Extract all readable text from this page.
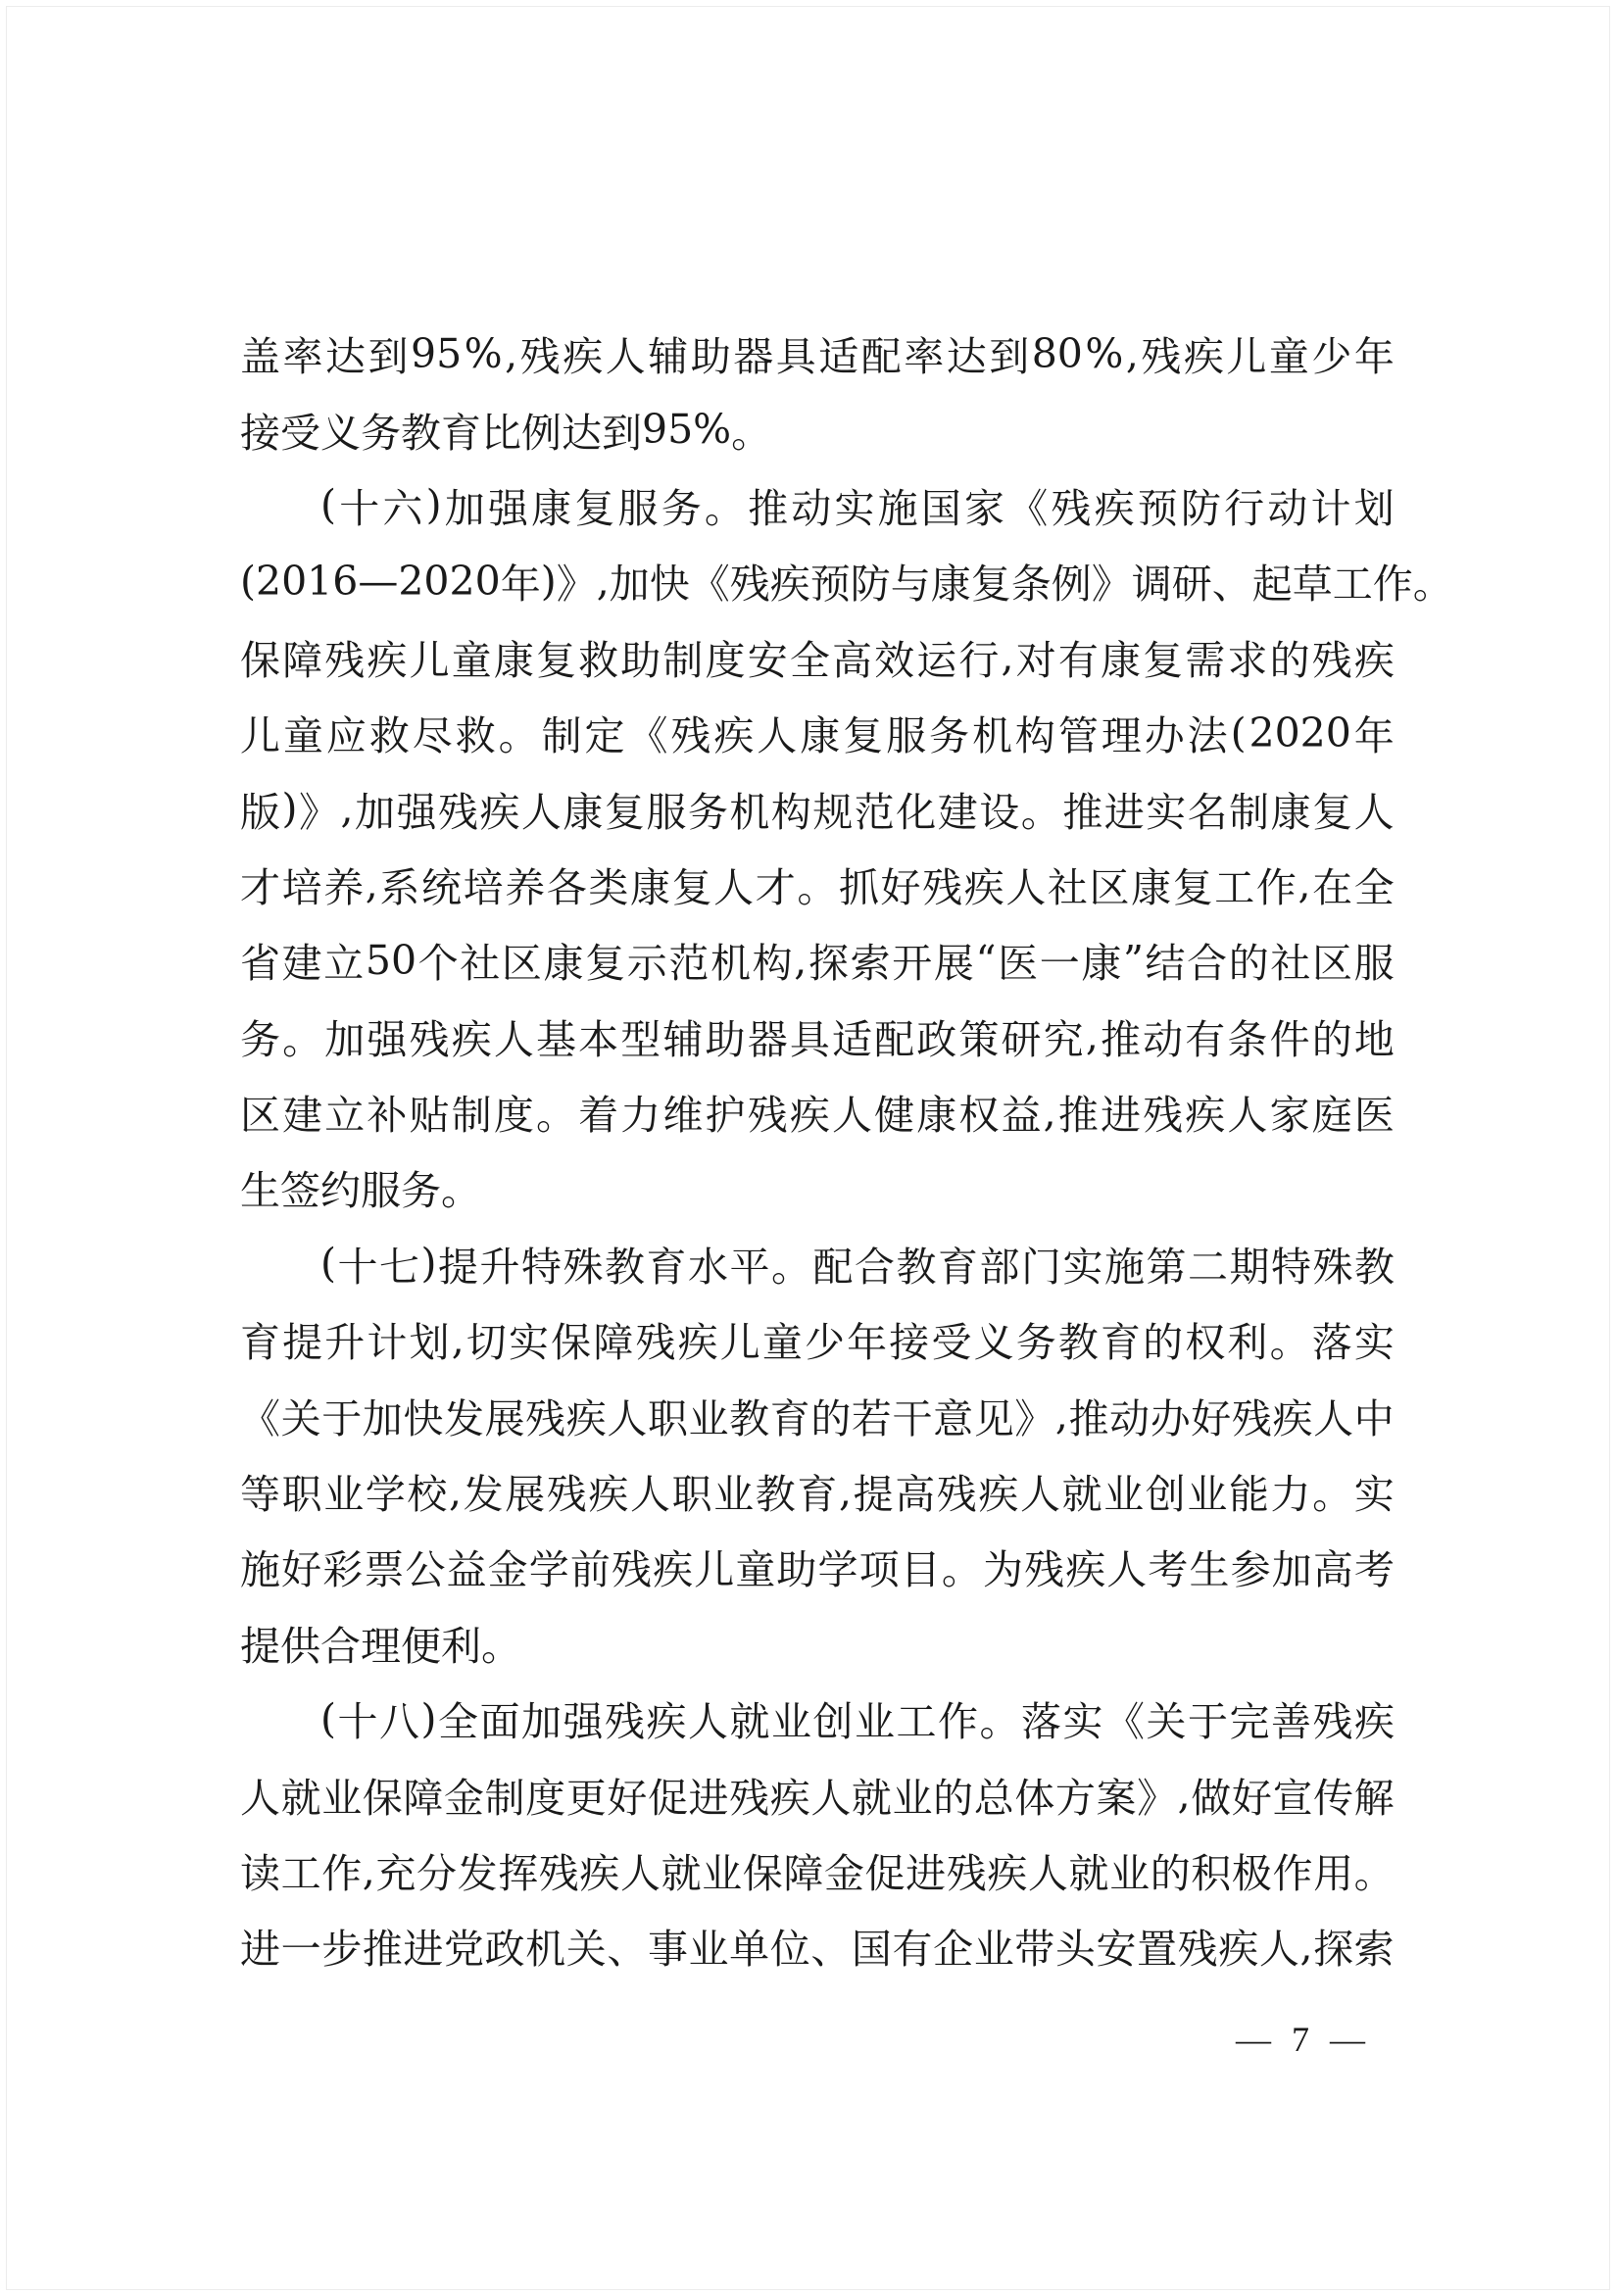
盖 率 达 到 95 % , 残 疾 人 辅 助 器 具 适 配 率 达 到 80 % , 残 疾 儿 童 少 年
接 受 义 务 教 育 比 例 达 到 95 % 。
( 十 六 ) 加 强 康 复 服 务 。 推 动 实 施 国 家 《 残 疾 预 防 行 动 计 划
( 2016 — 2020 年 ) 》 , 加 快 《 残 疾 预 防 与 康 复 条 例 》 调 研 、 起 草 工 作 。
保 障 残 疾 儿 童 康 复 救 助 制 度 安 全 高 效 运 行 , 对 有 康 复 需 求 的 残 疾
儿 童 应 救 尽 救 。 制 定 《 残 疾 人 康 复 服 务 机 构 管 理 办 法 ( 2020 年
版 ) 》 , 加 强 残 疾 人 康 复 服 务 机 构 规 范 化 建 设 。 推 进 实 名 制 康 复 人
才 培 养 , 系 统 培 养 各 类 康 复 人 才 。 抓 好 残 疾 人 社 区 康 复 工 作 , 在 全
省 建 立 50 个 社 区 康 复 示 范 机 构 , 探 索 开 展 “ 医 一 康 ” 结 合 的 社 区 服
务 。 加 强 残 疾 人 基 本 型 辅 助 器 具 适 配 政 策 研 究 , 推 动 有 条 件 的 地
区 建 立 补 贴 制 度 。 着 力 维 护 残 疾 人 健 康 权 益 , 推 进 残 疾 人 家 庭 医
生 签 约 服 务 。
( 十 七 ) 提 升 特 殊 教 育 水 平 。 配 合 教 育 部 门 实 施 第 二 期 特 殊 教
育 提 升 计 划 , 切 实 保 障 残 疾 儿 童 少 年 接 受 义 务 教 育 的 权 利 。 落 实
《 关 于 加 快 发 展 残 疾 人 职 业 教 育 的 若 干 意 见 》 , 推 动 办 好 残 疾 人 中
等 职 业 学 校 , 发 展 残 疾 人 职 业 教 育 , 提 高 残 疾 人 就 业 创 业 能 力 。 实
施 好 彩 票 公 益 金 学 前 残 疾 儿 童 助 学 项 目 。 为 残 疾 人 考 生 参 加 高 考
提 供 合 理 便 利 。
( 十 八 ) 全 面 加 强 残 疾 人 就 业 创 业 工 作 。 落 实 《 关 于 完 善 残 疾
人 就 业 保 障 金 制 度 更 好 促 进 残 疾 人 就 业 的 总 体 方 案 》 , 做 好 宣 传 解
读 工 作 , 充 分 发 挥 残 疾 人 就 业 保 障 金 促 进 残 疾 人 就 业 的 积 极 作 用 。
进 一 步 推 进 党 政 机 关 、 事 业 单 位 、 国 有 企 业 带 头 安 置 残 疾 人 , 探 索
— 7 —
